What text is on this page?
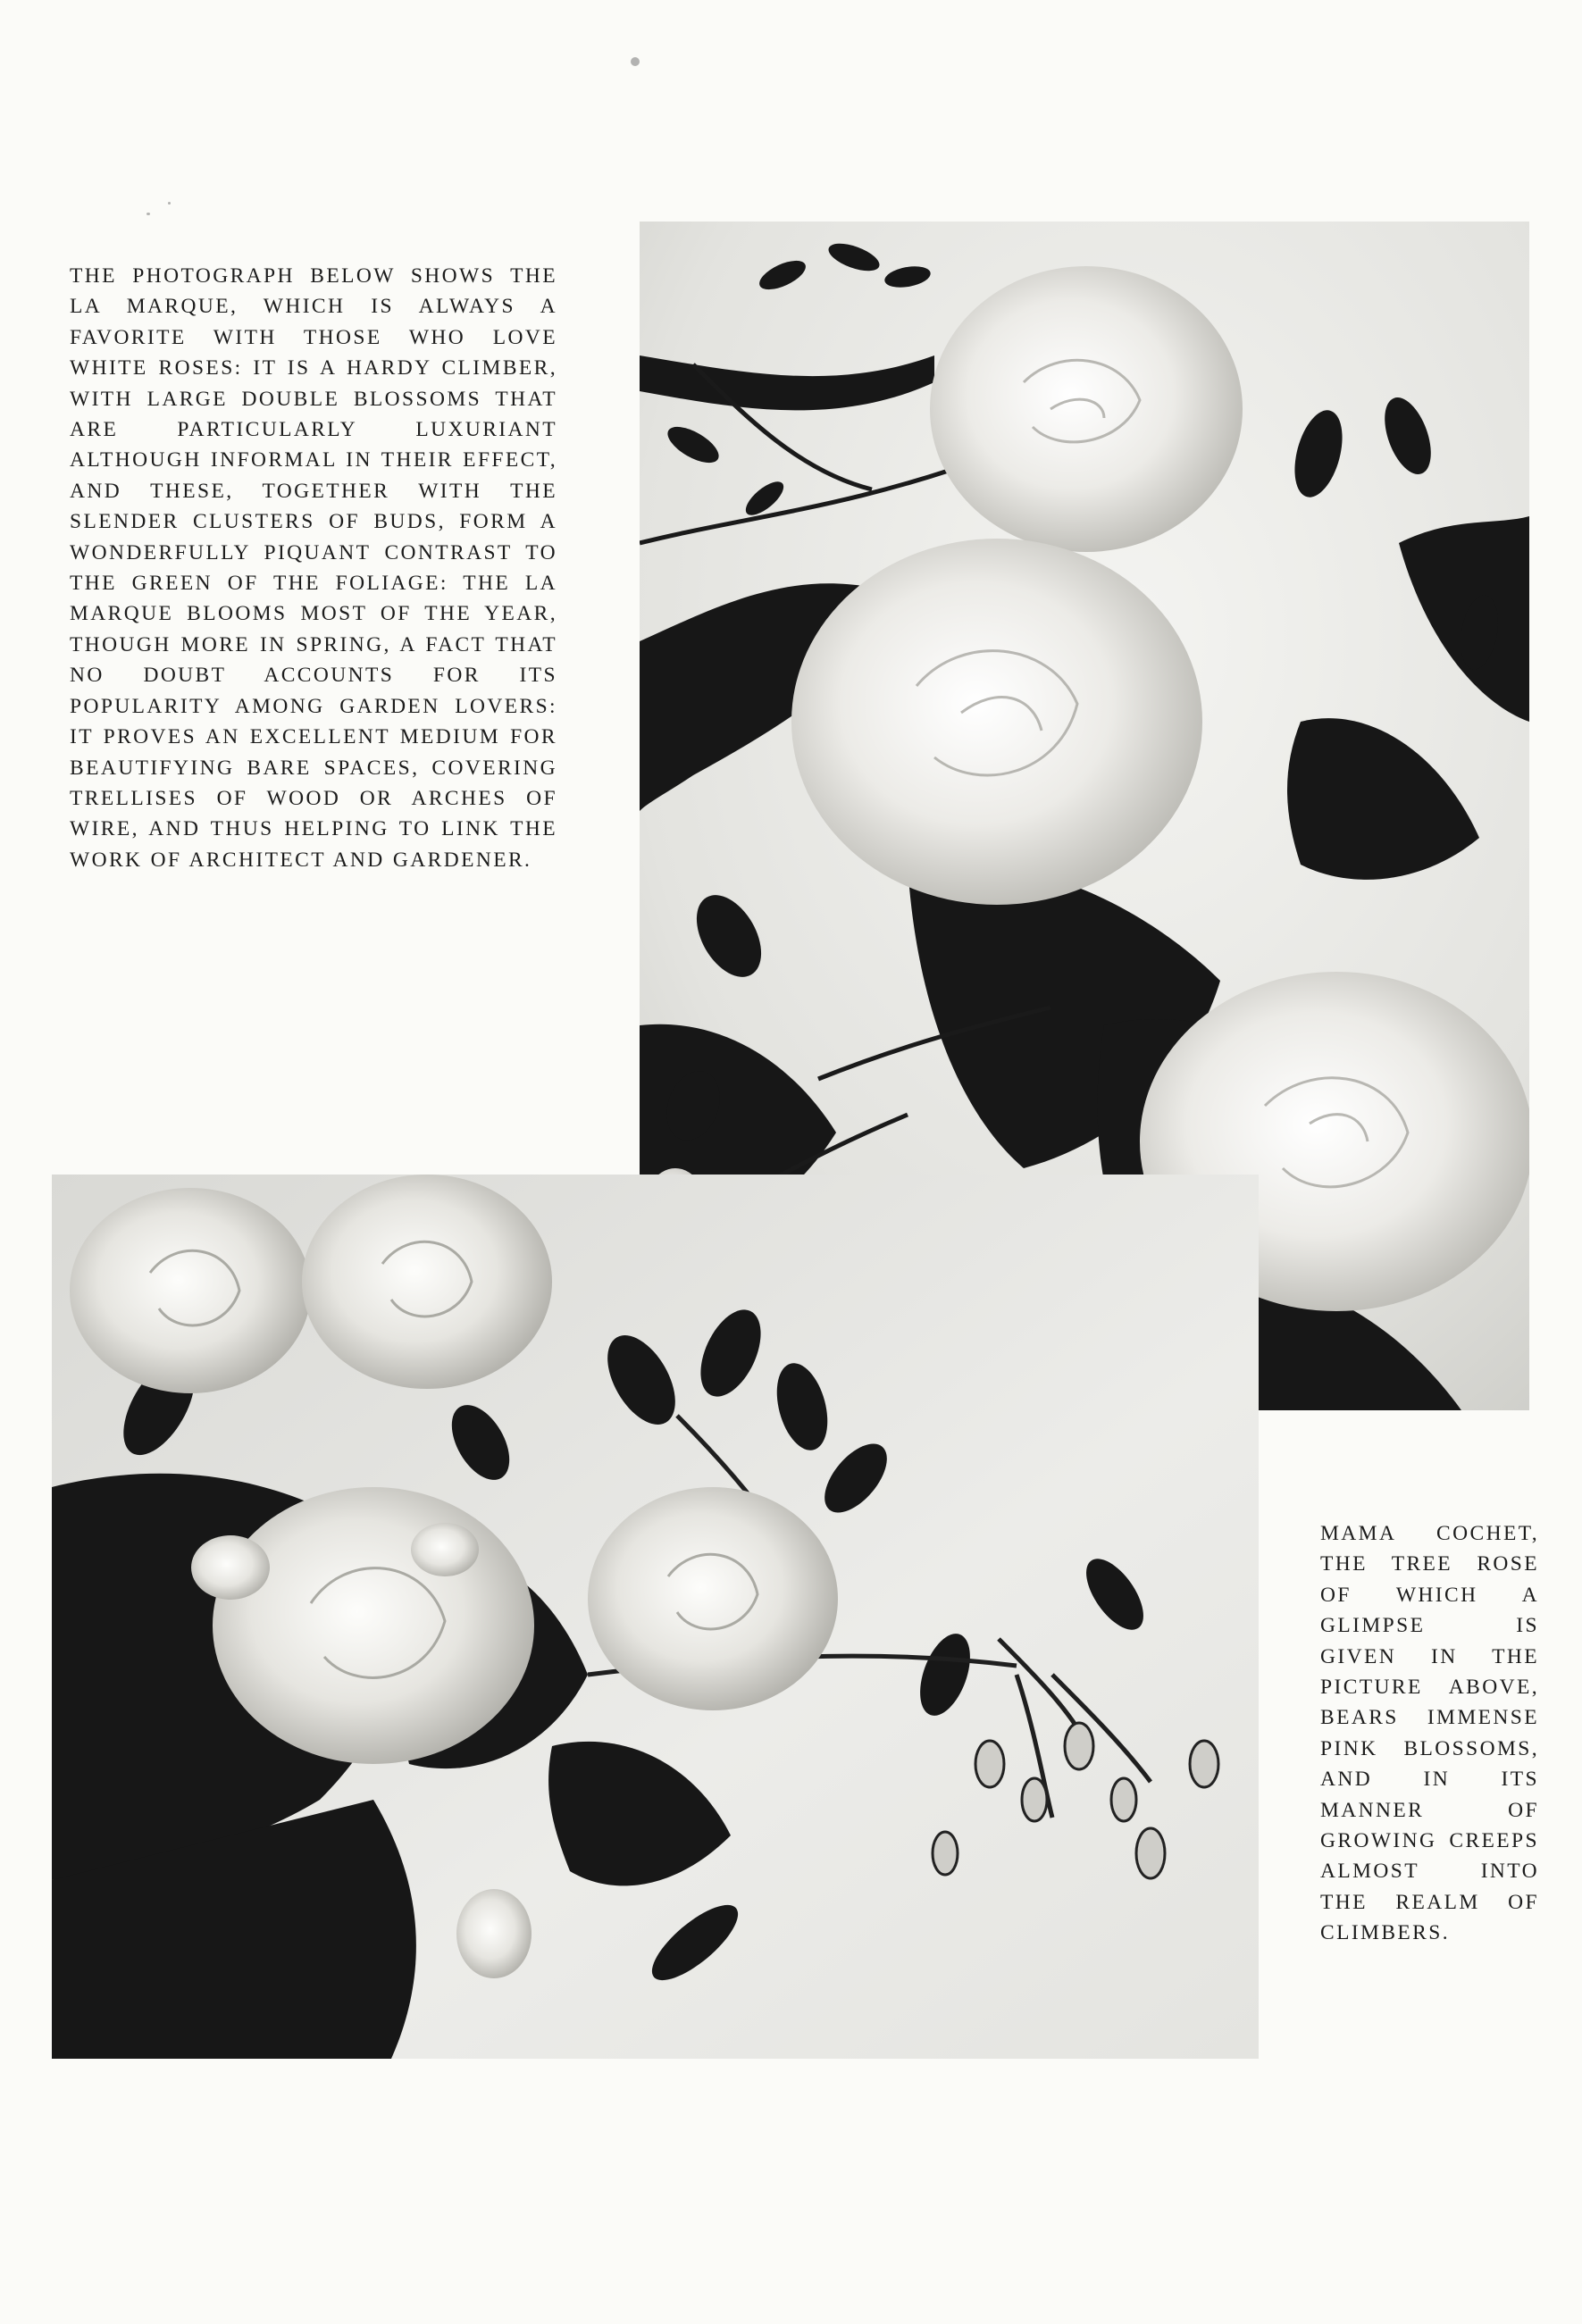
THE PHOTOGRAPH BELOW SHOWS THE LA MARQUE, WHICH IS ALWAYS A FAVORITE WITH THOSE WHO LOVE WHITE ROSES: IT IS A HARDY CLIMBER, WITH LARGE DOUBLE BLOSSOMS THAT ARE PARTICULARLY LUXURIANT ALTHOUGH INFORMAL IN THEIR EFFECT, AND THESE, TOGETHER WITH THE SLENDER CLUSTERS OF BUDS, FORM A WONDERFULLY PIQUANT CONTRAST TO THE GREEN OF THE FOLIAGE: THE LA MARQUE BLOOMS MOST OF THE YEAR, THOUGH MORE IN SPRING, A FACT THAT NO DOUBT ACCOUNTS FOR ITS POPULARITY AMONG GARDEN LOVERS: IT PROVES AN EXCELLENT MEDIUM FOR BEAUTIFYING BARE SPACES, COVERING TRELLISES OF WOOD OR ARCHES OF WIRE, AND THUS HELPING TO LINK THE WORK OF ARCHITECT AND GARDENER.

MAMA COCHET, THE TREE ROSE OF WHICH A GLIMPSE IS GIVEN IN THE PICTURE ABOVE, BEARS IMMENSE PINK BLOSSOMS, AND IN ITS MANNER OF GROWING CREEPS ALMOST INTO THE REALM OF CLIMBERS.
